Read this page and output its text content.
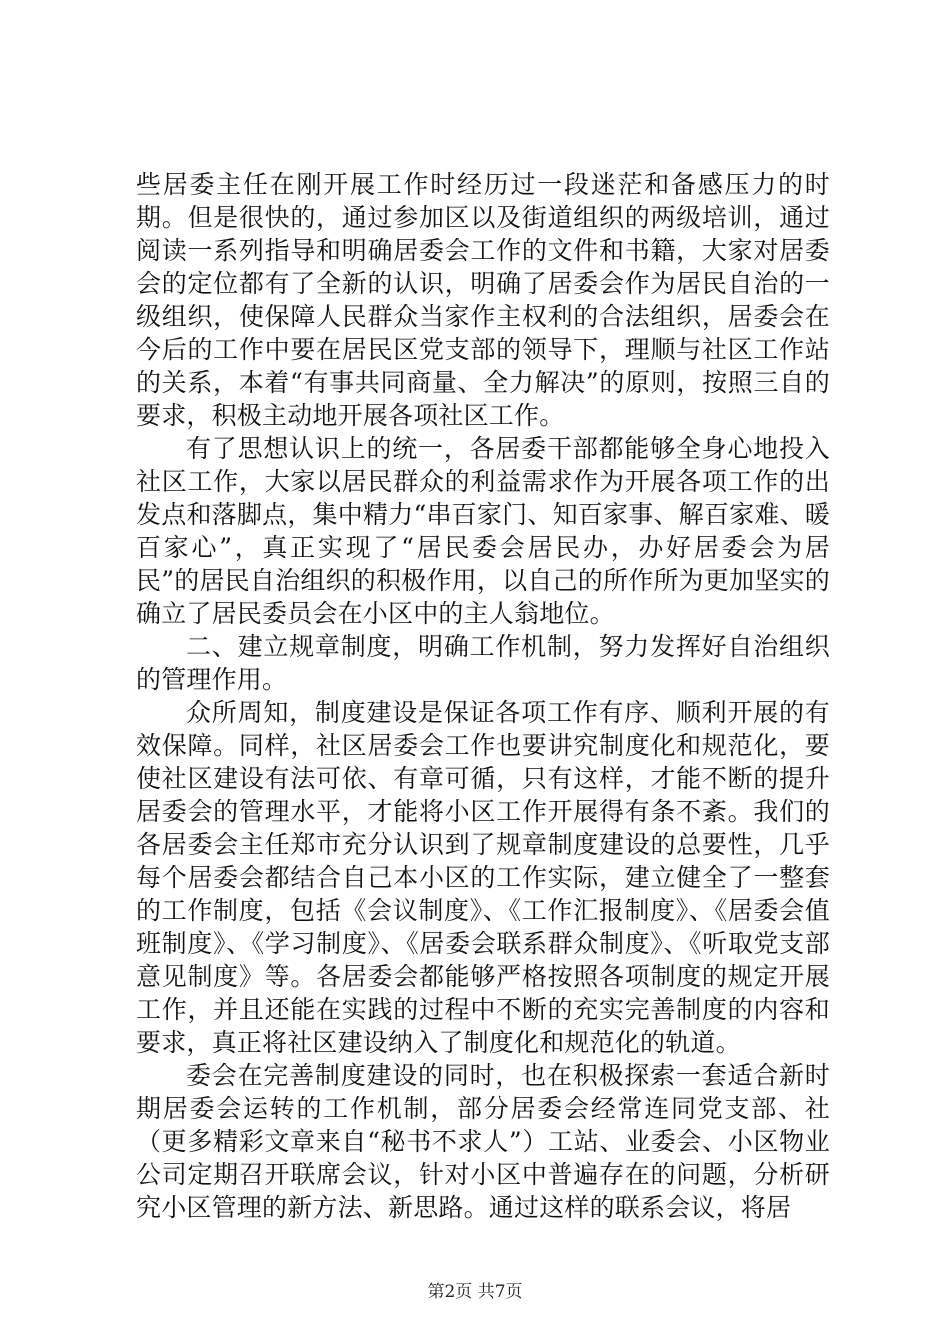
些居委主任在刚开展工作时经历过一段迷茫和备感压力的时期。但是很快的，通过参加区以及街道组织的两级培训，通过阅读一系列指导和明确居委会工作的文件和书籍，大家对居委会的定位都有了全新的认识，明确了居委会作为居民自治的一级组织，使保障人民群众当家作主权利的合法组织，居委会在今后的工作中要在居民区党支部的领导下，理顺与社区工作站的关系，本着“有事共同商量、全力解决”的原则，按照三自的要求，积极主动地开展各项社区工作。

有了思想认识上的统一，各居委干部都能够全身心地投入社区工作，大家以居民群众的利益需求作为开展各项工作的出发点和落脚点，集中精力“串百家门、知百家事、解百家难、暖百家心”，真正实现了“居民委会居民办，办好居委会为居民”的居民自治组织的积极作用，以自己的所作所为更加坚实的确立了居民委员会在小区中的主人翁地位。

二、建立规章制度，明确工作机制，努力发挥好自治组织的管理作用。

众所周知，制度建设是保证各项工作有序、顺利开展的有效保障。同样，社区居委会工作也要讲究制度化和规范化，要使社区建设有法可依、有章可循，只有这样，才能不断的提升居委会的管理水平，才能将小区工作开展得有条不紊。我们的各居委会主任郑市充分认识到了规章制度建设的总要性，几乎每个居委会都结合自己本小区的工作实际，建立健全了一整套的工作制度，包括《会议制度》、《工作汇报制度》、《居委会值班制度》、《学习制度》、《居委会联系群众制度》、《听取党支部意见制度》等。各居委会都能够严格按照各项制度的规定开展工作，并且还能在实践的过程中不断的充实完善制度的内容和要求，真正将社区建设纳入了制度化和规范化的轨道。

委会在完善制度建设的同时，也在积极探索一套适合新时期居委会运转的工作机制，部分居委会经常连同党支部、社（更多精彩文章来自“秘书不求人”）工站、业委会、小区物业公司定期召开联席会议，针对小区中普遍存在的问题，分析研究小区管理的新方法、新思路。通过这样的联系会议，将居

第2页 共7页
